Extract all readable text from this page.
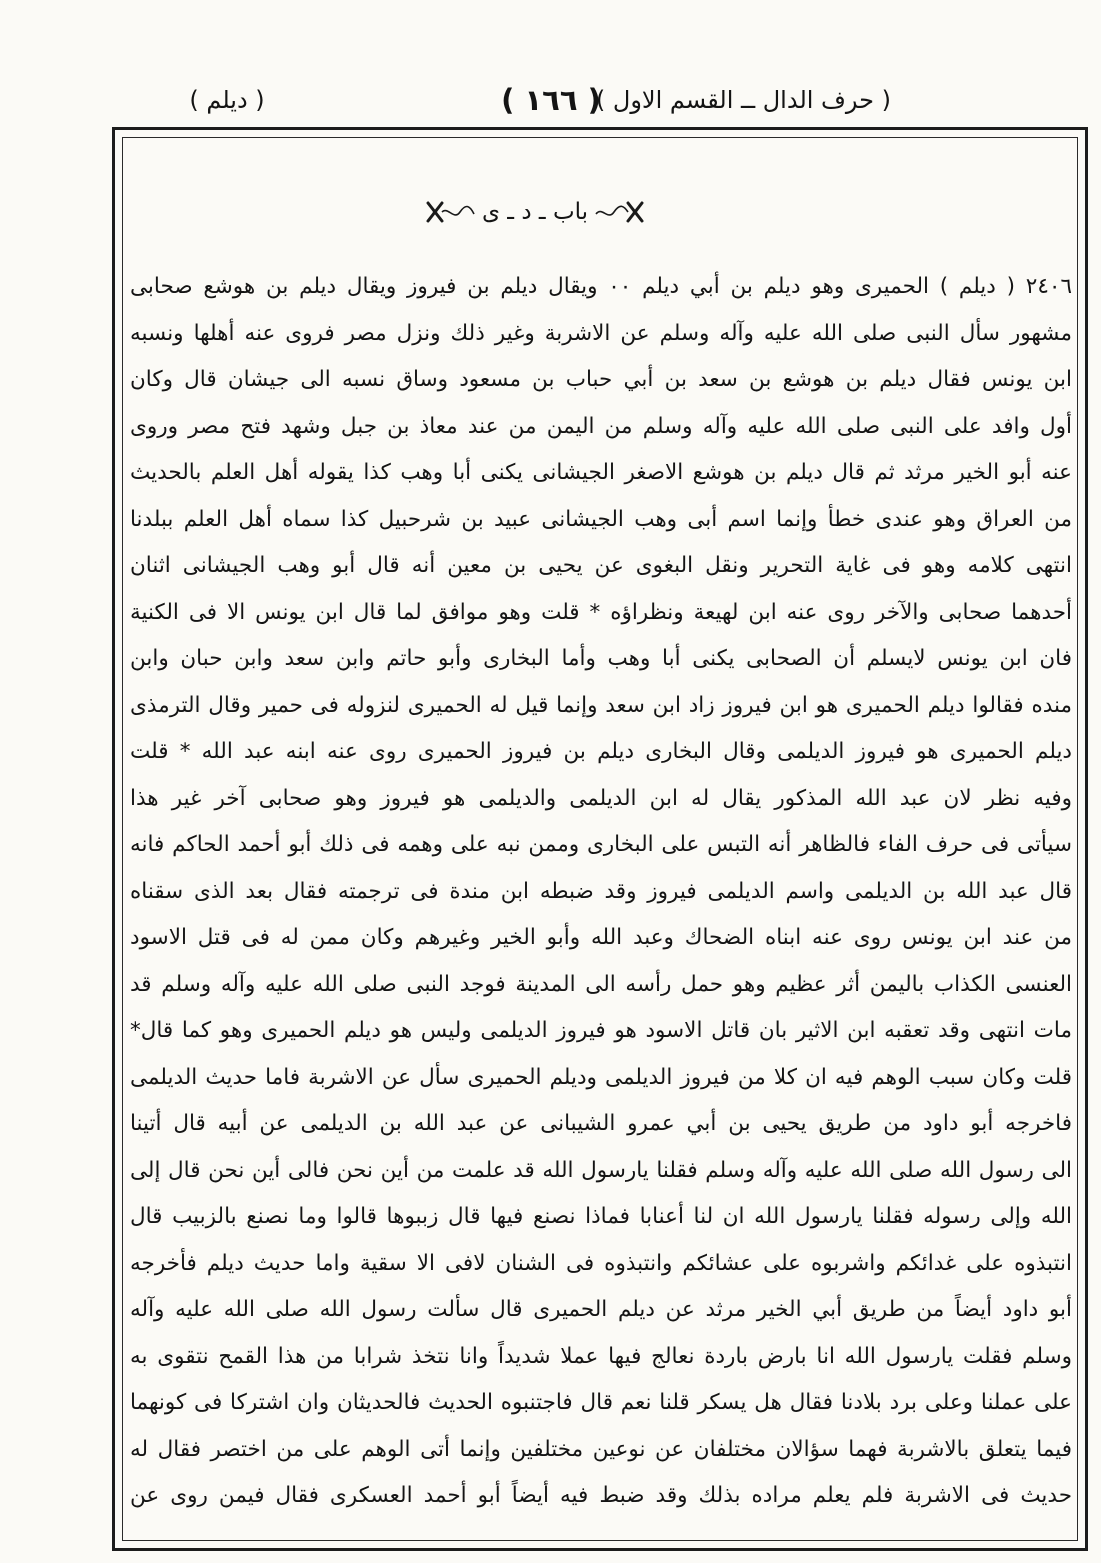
( حرف الدال ــ القسم الاول )
( ١٦٦ )
( ديلم )
باب ـ د ـ ى
٢٤٠٦ ( ديلم ) الحميرى وهو ديلم بن أبي ديلم ٠٠ ويقال ديلم بن فيروز ويقال ديلم بن هوشع صحابى
مشهور سأل النبى صلى الله عليه وآله وسلم عن الاشربة وغير ذلك ونزل مصر فروى عنه أهلها ونسبه
ابن يونس فقال ديلم بن هوشع بن سعد بن أبي حباب بن مسعود وساق نسبه الى جيشان قال وكان
أول وافد على النبى صلى الله عليه وآله وسلم من اليمن من عند معاذ بن جبل وشهد فتح مصر وروى
عنه أبو الخير مرثد ثم قال ديلم بن هوشع الاصغر الجيشانى يكنى أبا وهب كذا يقوله أهل العلم بالحديث
من العراق وهو عندى خطأ وإنما اسم أبى وهب الجيشانى عبيد بن شرحبيل كذا سماه أهل العلم ببلدنا
انتهى كلامه وهو فى غاية التحرير ونقل البغوى عن يحيى بن معين أنه قال أبو وهب الجيشانى اثنان
أحدهما صحابى والآخر روى عنه ابن لهيعة ونظراؤه * قلت وهو موافق لما قال ابن يونس الا فى الكنية
فان ابن يونس لايسلم أن الصحابى يكنى أبا وهب وأما البخارى وأبو حاتم وابن سعد وابن حبان وابن
منده فقالوا ديلم الحميرى هو ابن فيروز زاد ابن سعد وإنما قيل له الحميرى لنزوله فى حمير وقال الترمذى
ديلم الحميرى هو فيروز الديلمى وقال البخارى ديلم بن فيروز الحميرى روى عنه ابنه عبد الله * قلت
وفيه نظر لان عبد الله المذكور يقال له ابن الديلمى والديلمى هو فيروز وهو صحابى آخر غير هذا
سيأتى فى حرف الفاء فالظاهر أنه التبس على البخارى وممن نبه على وهمه فى ذلك أبو أحمد الحاكم فانه
قال عبد الله بن الديلمى واسم الديلمى فيروز وقد ضبطه ابن مندة فى ترجمته فقال بعد الذى سقناه
من عند ابن يونس روى عنه ابناه الضحاك وعبد الله وأبو الخير وغيرهم وكان ممن له فى قتل الاسود
العنسى الكذاب باليمن أثر عظيم وهو حمل رأسه الى المدينة فوجد النبى صلى الله عليه وآله وسلم قد
مات انتهى وقد تعقبه ابن الاثير بان قاتل الاسود هو فيروز الديلمى وليس هو ديلم الحميرى وهو كما قال*
قلت وكان سبب الوهم فيه ان كلا من فيروز الديلمى وديلم الحميرى سأل عن الاشربة فاما حديث الديلمى
فاخرجه أبو داود من طريق يحيى بن أبي عمرو الشيبانى عن عبد الله بن الديلمى عن أبيه قال أتينا
الى رسول الله صلى الله عليه وآله وسلم فقلنا يارسول الله قد علمت من أين نحن فالى أين نحن قال إلى
الله وإلى رسوله فقلنا يارسول الله ان لنا أعنابا فماذا نصنع فيها قال زببوها قالوا وما نصنع بالزبيب قال
انتبذوه على غدائكم واشربوه على عشائكم وانتبذوه فى الشنان لافى الا سقية واما حديث ديلم فأخرجه
أبو داود أيضاً من طريق أبي الخير مرثد عن ديلم الحميرى قال سألت رسول الله صلى الله عليه وآله
وسلم فقلت يارسول الله انا بارض باردة نعالج فيها عملا شديداً وانا نتخذ شرابا من هذا القمح نتقوى به
على عملنا وعلى برد بلادنا فقال هل يسكر قلنا نعم قال فاجتنبوه الحديث فالحديثان وان اشتركا فى كونهما
فيما يتعلق بالاشربة فهما سؤالان مختلفان عن نوعين مختلفين وإنما أتى الوهم على من اختصر فقال له
حديث فى الاشربة فلم يعلم مراده بذلك وقد ضبط فيه أيضاً أبو أحمد العسكرى فقال فيمن روى عن
